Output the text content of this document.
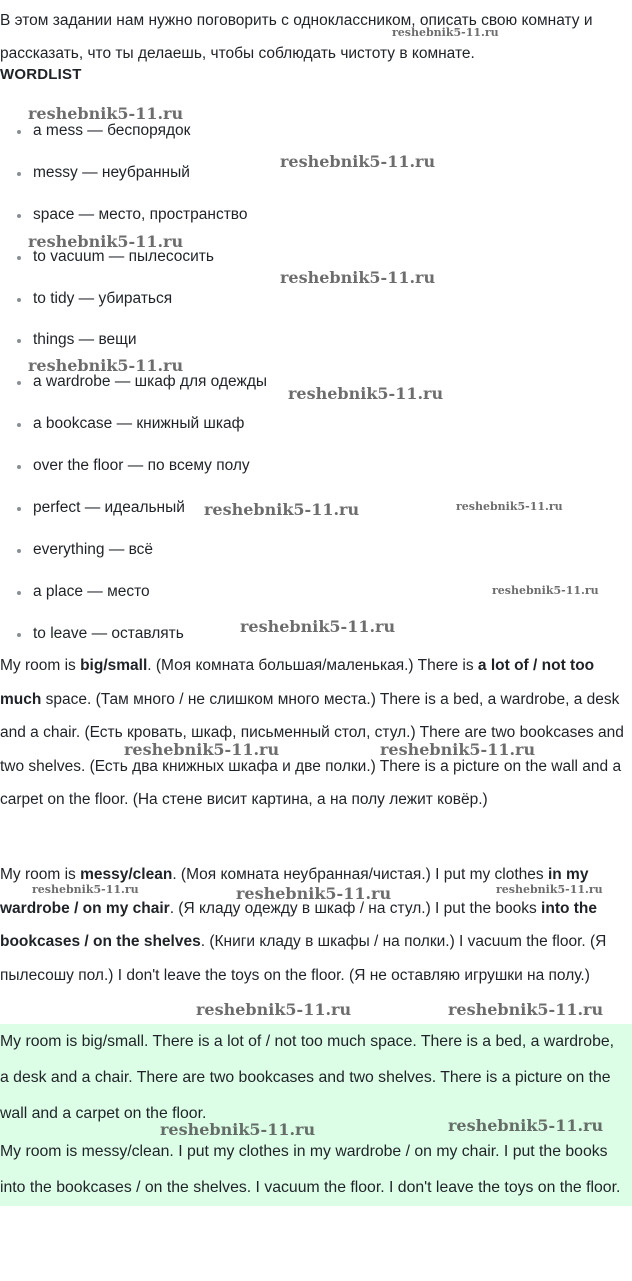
В этом задании нам нужно поговорить с одноклассником, описать свою комнату и рассказать, что ты делаешь, чтобы соблюдать чистоту в комнате.

WORDLIST
a mess — беспорядок
messy — неубранный
space — место, пространство
to vacuum — пылесосить
to tidy — убираться
things — вещи
a wardrobe — шкаф для одежды
a bookcase — книжный шкаф
over the floor — по всему полу
perfect — идеальный
everything — всё
a place — место
to leave — оставлять

My room is big/small. (Моя комната большая/маленькая.) There is a lot of / not too much space. (Там много / не слишком много места.) There is a bed, a wardrobe, a desk and a chair. (Есть кровать, шкаф, письменный стол, стул.) There are two bookcases and two shelves. (Есть два книжных шкафа и две полки.) There is a picture on the wall and a carpet on the floor. (На стене висит картина, а на полу лежит ковёр.)

My room is messy/clean. (Моя комната неубранная/чистая.) I put my clothes in my wardrobe / on my chair. (Я кладу одежду в шкаф / на стул.) I put the books into the bookcases / on the shelves. (Книги кладу в шкафы / на полки.) I vacuum the floor. (Я пылесошу пол.) I don't leave the toys on the floor. (Я не оставляю игрушки на полу.)

My room is big/small. There is a lot of / not too much space. There is a bed, a wardrobe, a desk and a chair. There are two bookcases and two shelves. There is a picture on the wall and a carpet on the floor.

My room is messy/clean. I put my clothes in my wardrobe / on my chair. I put the books into the bookcases / on the shelves. I vacuum the floor. I don't leave the toys on the floor.

reshebnik5-11.ru
reshebnik5-11.ru
reshebnik5-11.ru
reshebnik5-11.ru
reshebnik5-11.ru
reshebnik5-11.ru
reshebnik5-11.ru
reshebnik5-11.ru	reshebnik5-11.ru
reshebnik5-11.ru
reshebnik5-11.ru
reshebnik5-11.ru	reshebnik5-11.ru
reshebnik5-11.ru	reshebnik5-11.ru	reshebnik5-11.ru
reshebnik5-11.ru	reshebnik5-11.ru
reshebnik5-11.ru	reshebnik5-11.ru
